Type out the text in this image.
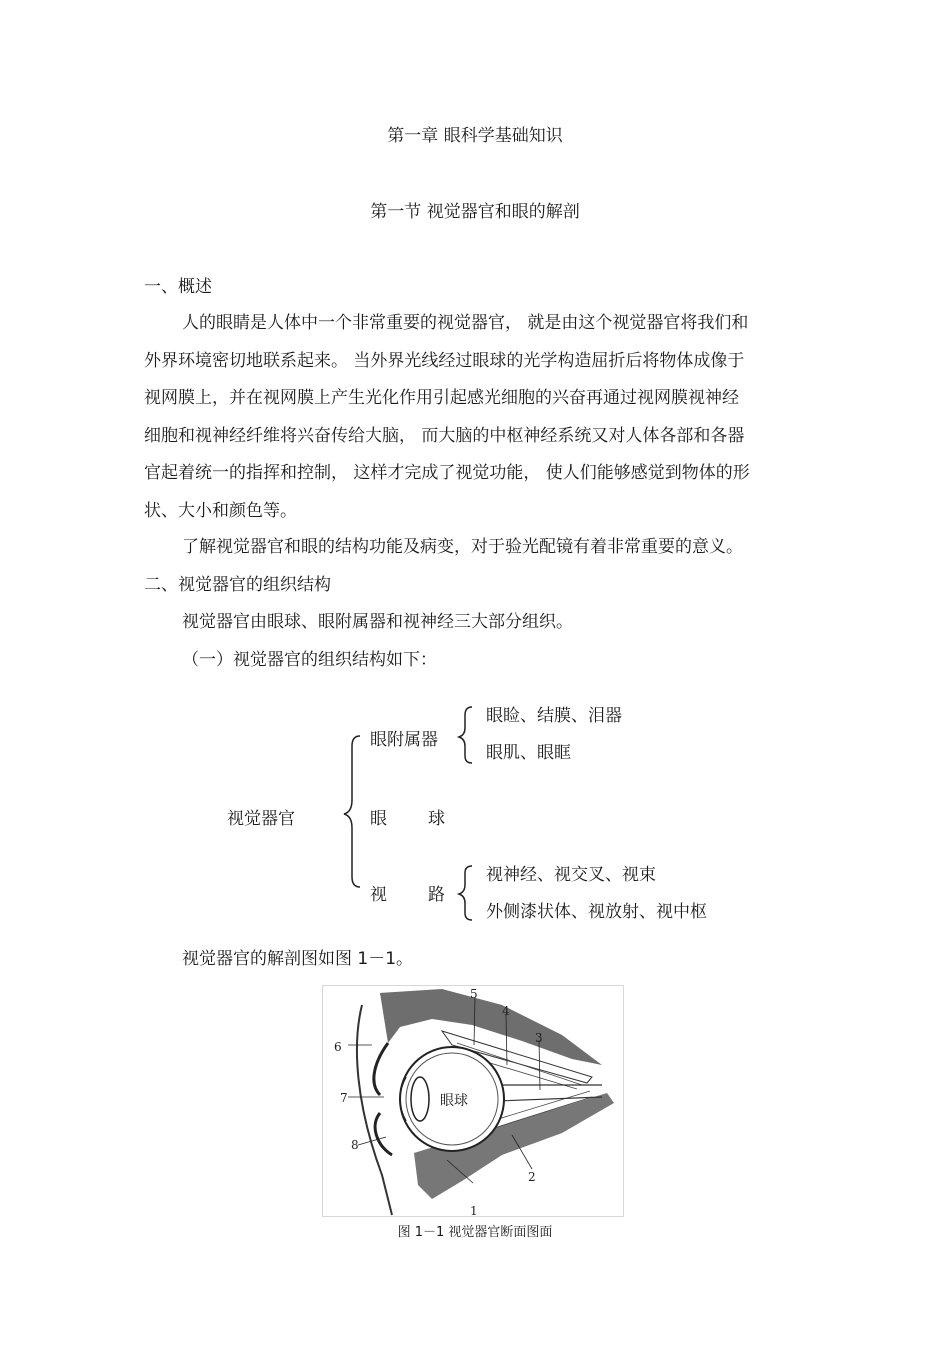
第一章 眼科学基础知识
第一节 视觉器官和眼的解剖
一、概述
人的眼睛是人体中一个非常重要的视觉器官， 就是由这个视觉器官将我们和
外界环境密切地联系起来。 当外界光线经过眼球的光学构造屈折后将物体成像于
视网膜上，并在视网膜上产生光化作用引起感光细胞的兴奋再通过视网膜视神经
细胞和视神经纤维将兴奋传给大脑， 而大脑的中枢神经系统又对人体各部和各器
官起着统一的指挥和控制， 这样才完成了视觉功能， 使人们能够感觉到物体的形
状、大小和颜色等。
了解视觉器官和眼的结构功能及病变，对于验光配镜有着非常重要的意义。
二、视觉器官的组织结构
视觉器官由眼球、眼附属器和视神经三大部分组织。
（一）视觉器官的组织结构如下：
视觉器官
眼附属器
眼睑、结膜、泪器
眼肌、眼眶
眼 球
视 路
视神经、视交叉、视束
外侧漆状体、视放射、视中枢
视觉器官的解剖图如图 1－1。
眼球
1
2
3
4
5
6
7
8
图 1－1 视觉器官断面图面
